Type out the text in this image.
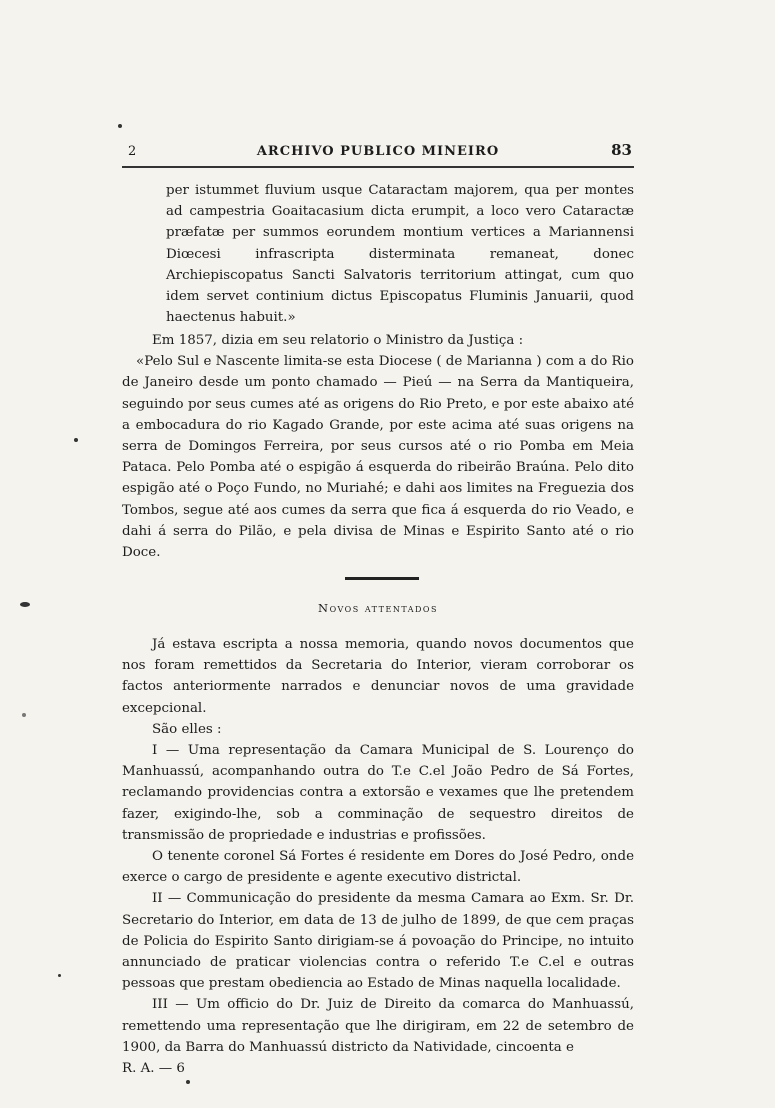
2	ARCHIVO PUBLICO MINEIRO	83

per istummet fluvium usque Cataractam majorem, qua per montes ad campestria Goaitacasium dicta erumpit, a loco vero Cataractæ præfatæ per summos eorundem montium vertices a Mariannensi Diœcesi infrascripta disterminata remaneat, donec Archiepiscopatus Sancti Salvatoris territorium attingat, cum quo idem servet continium dictus Episcopatus Fluminis Januarii, quod haectenus habuit.»

Em 1857, dizia em seu relatorio o Ministro da Justiça :

«Pelo Sul e Nascente limita-se esta Diocese ( de Marianna ) com a do Rio de Janeiro desde um ponto chamado — Pieú — na Serra da Mantiqueira, seguindo por seus cumes até as origens do Rio Preto, e por este abaixo até a embocadura do rio Kagado Grande, por este acima até suas origens na serra de Domingos Ferreira, por seus cursos até o rio Pomba em Meia Pataca. Pelo Pomba até o espigão á esquerda do ribeirão Braúna. Pelo dito espigão até o Poço Fundo, no Muriahé; e dahi aos limites na Freguezia dos Tombos, segue até aos cumes da serra que fica á esquerda do rio Veado, e dahi á serra do Pilão, e pela divisa de Minas e Espirito Santo até o rio Doce.

Novos attentados

Já estava escripta a nossa memoria, quando novos documentos que nos foram remettidos da Secretaria do Interior, vieram corroborar os factos anteriormente narrados e denunciar novos de uma gravidade excepcional.

São elles :

I — Uma representação da Camara Municipal de S. Lourenço do Manhuassú, acompanhando outra do T.e C.el João Pedro de Sá Fortes, reclamando providencias contra a extorsão e vexames que lhe pretendem fazer, exigindo-lhe, sob a comminação de sequestro direitos de transmissão de propriedade e industrias e profissões.

O tenente coronel Sá Fortes é residente em Dores do José Pedro, onde exerce o cargo de presidente e agente executivo districtal.

II — Communicação do presidente da mesma Camara ao Exm. Sr. Dr. Secretario do Interior, em data de 13 de julho de 1899, de que cem praças de Policia do Espirito Santo dirigiam-se á povoação do Principe, no intuito annunciado de praticar violencias contra o referido T.e C.el e outras pessoas que prestam obediencia ao Estado de Minas naquella localidade.

III — Um officio do Dr. Juiz de Direito da comarca do Manhuassú, remettendo uma representação que lhe dirigiram, em 22 de setembro de 1900, da Barra do Manhuassú districto da Natividade, cincoenta e

R. A. — 6
